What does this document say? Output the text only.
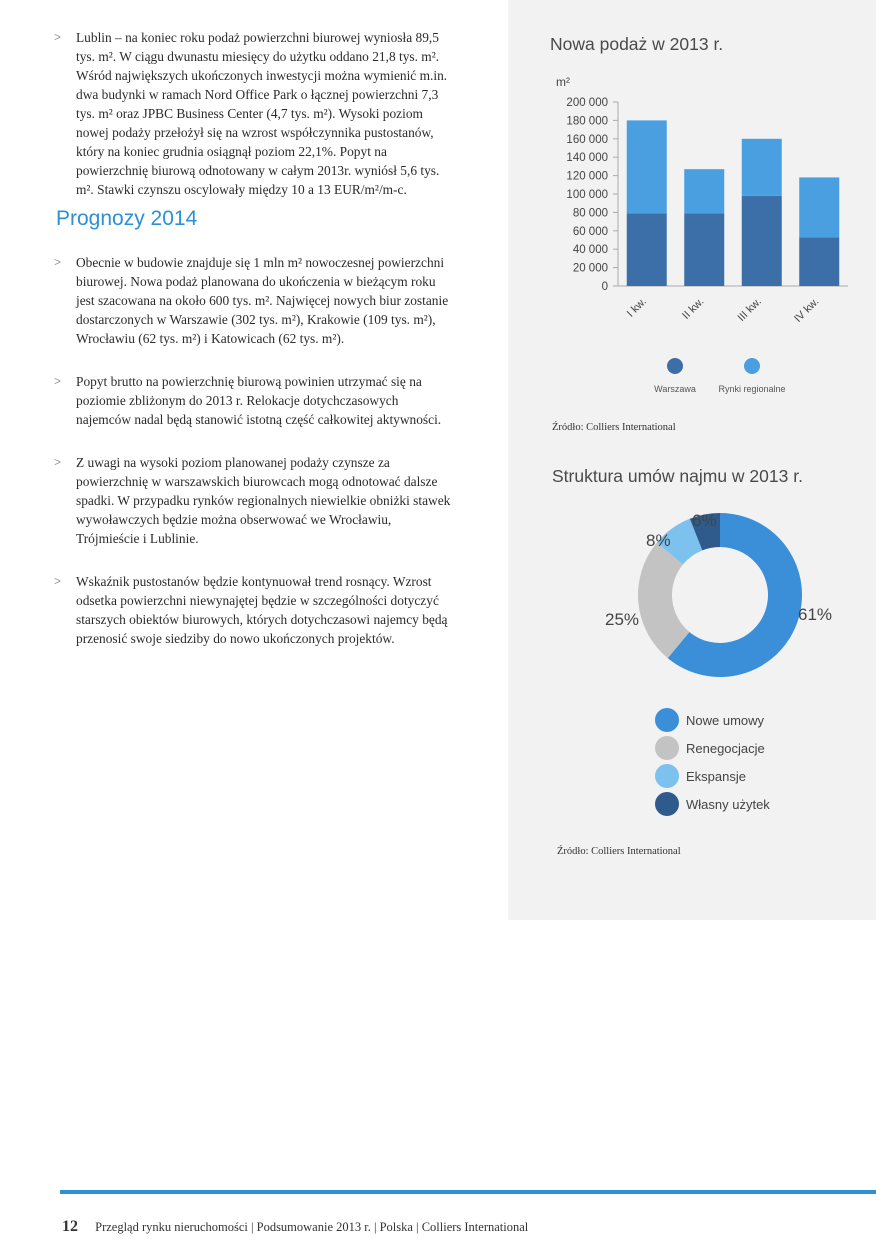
> Lublin – na koniec roku podaż powierzchni biurowej wyniosła 89,5 tys. m². W ciągu dwunastu miesięcy do użytku oddano 21,8 tys. m². Wśród największych ukończonych inwestycji można wymienić m.in. dwa budynki w ramach Nord Office Park o łącznej powierzchni 7,3 tys. m² oraz JPBC Business Center (4,7 tys. m²). Wysoki poziom nowej podaży przełożył się na wzrost współczynnika pustostanów, który na koniec grudnia osiągnął poziom 22,1%. Popyt na powierzchnię biurową odnotowany w całym 2013r. wyniósł 5,6 tys. m². Stawki czynszu oscylowały między 10 a 13 EUR/m²/m-c.

Prognozy 2014

> Obecnie w budowie znajduje się 1 mln m² nowoczesnej powierzchni biurowej. Nowa podaż planowana do ukończenia w bieżącym roku jest szacowana na około 600 tys. m². Najwięcej nowych biur zostanie dostarczonych w Warszawie (302 tys. m²), Krakowie (109 tys. m²), Wrocławiu (62 tys. m²) i Katowicach (62 tys. m²).

> Popyt brutto na powierzchnię biurową powinien utrzymać się na poziomie zbliżonym do 2013 r. Relokacje dotychczasowych najemców nadal będą stanowić istotną część całkowitej aktywności.

> Z uwagi na wysoki poziom planowanej podaży czynsze za powierzchnię w warszawskich biurowcach mogą odnotować dalsze spadki. W przypadku rynków regionalnych niewielkie obniżki stawek wywoławczych będzie można obserwować we Wrocławiu, Trójmieście i Lublinie.

> Wskaźnik pustostanów będzie kontynuował trend rosnący. Wzrost odsetka powierzchni niewynajętej będzie w szczególności dotyczyć starszych obiektów biurowych, których dotychczasowi najemcy będą przenosić swoje siedziby do nowo ukończonych projektów.

Nowa podaż w 2013 r.
m²
200 000
180 000
160 000
140 000
120 000
100 000
80 000
60 000
40 000
20 000
0
I kw.	II kw.	III kw.	IV kw.
Warszawa	Rynki regionalne
Źródło: Colliers International
Struktura umów najmu w 2013 r.
61%
25%
8%
6%
Nowe umowy
Renegocjacje
Ekspansje
Własny użytek
Źródło: Colliers International
12 Przegląd rynku nieruchomości | Podsumowanie 2013 r. | Polska | Colliers International
